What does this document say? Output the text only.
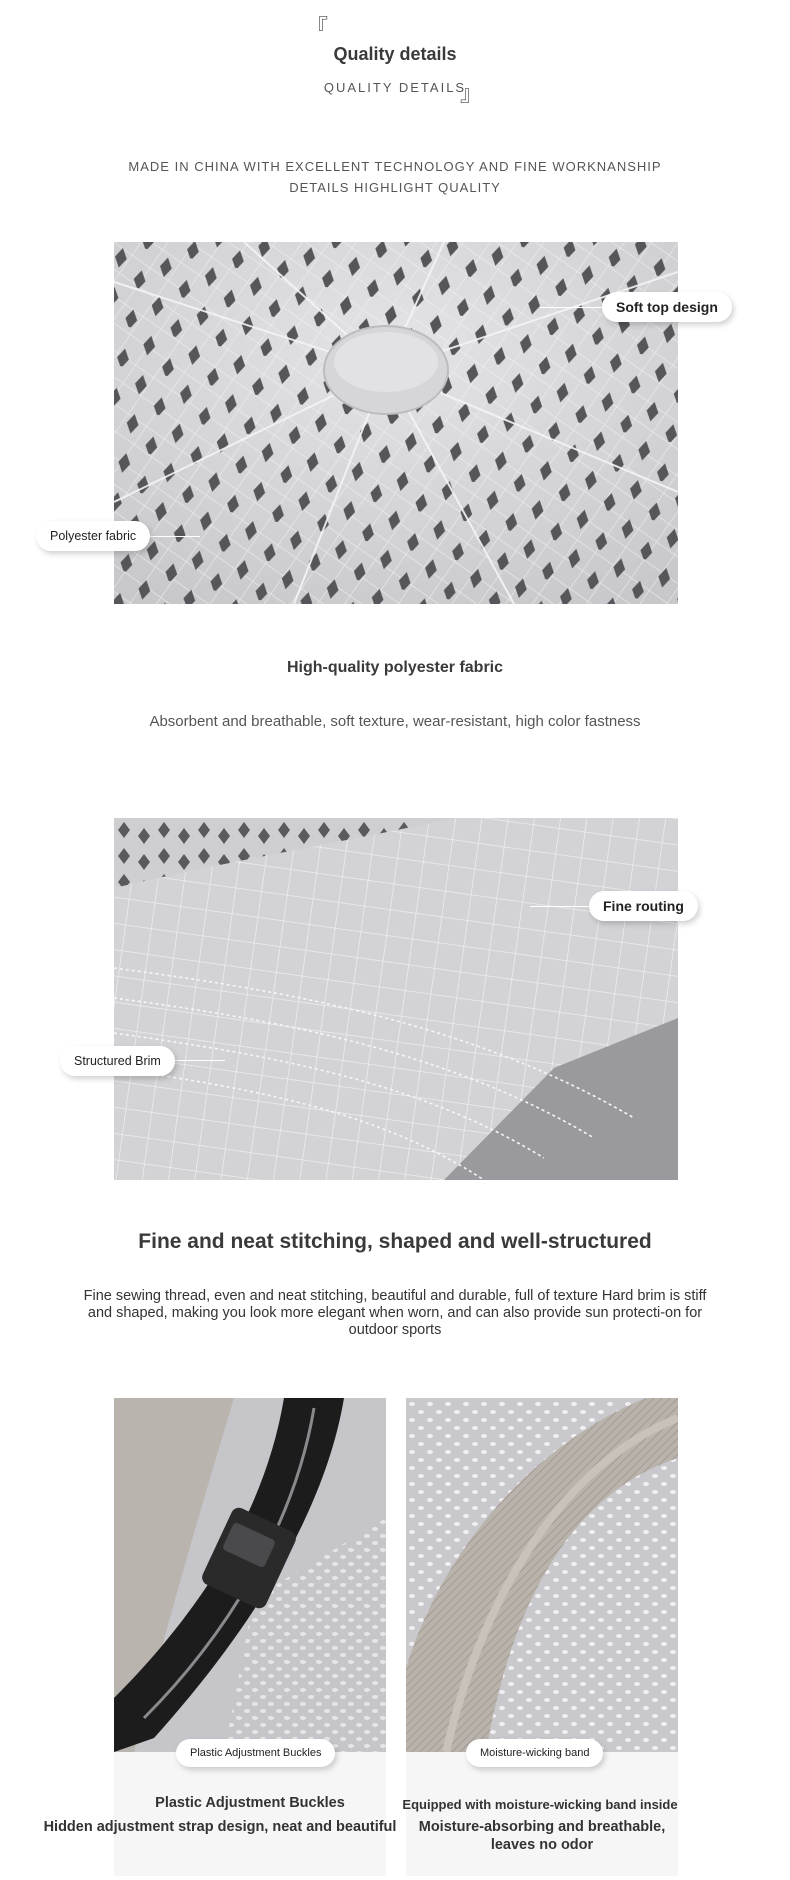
『
Quality details
QUALITY DETAILS
』
MADE IN CHINA WITH EXCELLENT TECHNOLOGY AND FINE WORKNANSHIP
DETAILS HIGHLIGHT QUALITY
Soft top design
Polyester fabric
High-quality polyester fabric
Absorbent and breathable, soft texture, wear-resistant, high color fastness
Fine routing
Structured Brim
Fine and neat stitching, shaped and well-structured
Fine sewing thread, even and neat stitching, beautiful and durable, full of texture Hard brim is stiff and shaped, making you look more elegant when worn, and can also provide sun protecti-on for outdoor sports
Plastic Adjustment Buckles
Plastic Adjustment Buckles
Hidden adjustment strap design, neat and beautiful
Moisture-wicking band
Equipped with moisture-wicking band inside
Moisture-absorbing and breathable,
leaves no odor
